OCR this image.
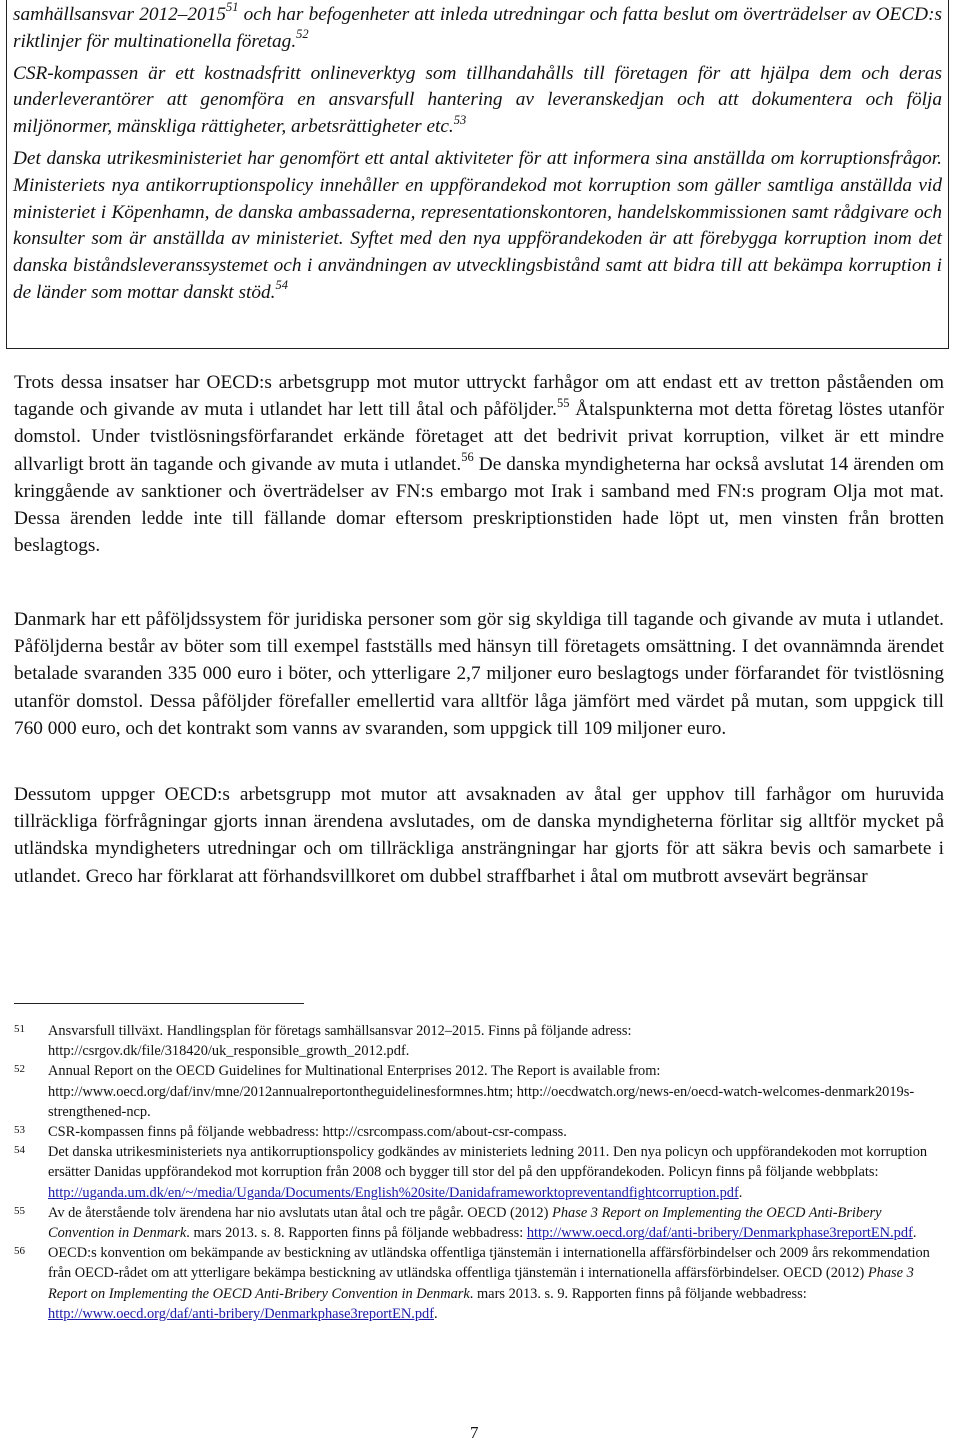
samhällsansvar 2012–2015$^{51}$ och har befogenheter att inleda utredningar och fatta beslut om överträdelser av OECD:s riktlinjer för multinationella företag.$^{52}$

CSR-kompassen är ett kostnadsfritt onlineverktyg som tillhandahålls till företagen för att hjälpa dem och deras underleverantörer att genomföra en ansvarsfull hantering av leveranskedjan och att dokumentera och följa miljönormer, mänskliga rättigheter, arbetsrättigheter etc.$^{53}$

Det danska utrikesministeriet har genomfört ett antal aktiviteter för att informera sina anställda om korruptionsfrågor. Ministeriets nya antikorruptionspolicy innehåller en uppförandekod mot korruption som gäller samtliga anställda vid ministeriet i Köpenhamn, de danska ambassaderna, representationskontoren, handelskommissionen samt rådgivare och konsulter som är anställda av ministeriet. Syftet med den nya uppförandekoden är att förebygga korruption inom det danska biståndsleveranssystemet och i användningen av utvecklingsbistånd samt att bidra till att bekämpa korruption i de länder som mottar danskt stöd.$^{54}$

Trots dessa insatser har OECD:s arbetsgrupp mot mutor uttryckt farhågor om att endast ett av tretton påståenden om tagande och givande av muta i utlandet har lett till åtal och påföljder.$^{55}$ Åtalspunkterna mot detta företag löstes utanför domstol. Under tvistlösningsförfarandet erkände företaget att det bedrivit privat korruption, vilket är ett mindre allvarligt brott än tagande och givande av muta i utlandet.$^{56}$ De danska myndigheterna har också avslutat 14 ärenden om kringgående av sanktioner och överträdelser av FN:s embargo mot Irak i samband med FN:s program Olja mot mat. Dessa ärenden ledde inte till fällande domar eftersom preskriptionstiden hade löpt ut, men vinsten från brotten beslagtogs.

Danmark har ett påföljdssystem för juridiska personer som gör sig skyldiga till tagande och givande av muta i utlandet. Påföljderna består av böter som till exempel fastställs med hänsyn till företagets omsättning. I det ovannämnda ärendet betalade svaranden 335 000 euro i böter, och ytterligare 2,7 miljoner euro beslagtogs under förfarandet för tvistlösning utanför domstol. Dessa påföljder förefaller emellertid vara alltför låga jämfört med värdet på mutan, som uppgick till 760 000 euro, och det kontrakt som vanns av svaranden, som uppgick till 109 miljoner euro.

Dessutom uppger OECD:s arbetsgrupp mot mutor att avsaknaden av åtal ger upphov till farhågor om huruvida tillräckliga förfrågningar gjorts innan ärendena avslutades, om de danska myndigheterna förlitar sig alltför mycket på utländska myndigheters utredningar och om tillräckliga ansträngningar har gjorts för att säkra bevis och samarbete i utlandet. Greco har förklarat att förhandsvillkoret om dubbel straffbarhet i åtal om mutbrott avsevärt begränsar

51 Ansvarsfull tillväxt. Handlingsplan för företags samhällsansvar 2012–2015. Finns på följande adress: http://csrgov.dk/file/318420/uk_responsible_growth_2012.pdf.
52 Annual Report on the OECD Guidelines for Multinational Enterprises 2012. The Report is available from: http://www.oecd.org/daf/inv/mne/2012annualreportontheguidelinesformnes.htm; http://oecdwatch.org/news-en/oecd-watch-welcomes-denmark2019s-strengthened-ncp.
53 CSR-kompassen finns på följande webbadress: http://csrcompass.com/about-csr-compass.
54 Det danska utrikesministeriets nya antikorruptionspolicy godkändes av ministeriets ledning 2011. Den nya policyn och uppförandekoden mot korruption ersätter Danidas uppförandekod mot korruption från 2008 och bygger till stor del på den uppförandekoden. Policyn finns på följande webbplats: http://uganda.um.dk/en/~/media/Uganda/Documents/English%20site/Danidaframeworktopreventandfightcorruption.pdf.
55 Av de återstående tolv ärendena har nio avslutats utan åtal och tre pågår. OECD (2012) Phase 3 Report on Implementing the OECD Anti-Bribery Convention in Denmark. mars 2013. s. 8. Rapporten finns på följande webbadress: http://www.oecd.org/daf/anti-bribery/Denmarkphase3reportEN.pdf.
56 OECD:s konvention om bekämpande av bestickning av utländska offentliga tjänstemän i internationella affärsförbindelser och 2009 års rekommendation från OECD-rådet om att ytterligare bekämpa bestickning av utländska offentliga tjänstemän i internationella affärsförbindelser. OECD (2012) Phase 3 Report on Implementing the OECD Anti-Bribery Convention in Denmark. mars 2013. s. 9. Rapporten finns på följande webbadress: http://www.oecd.org/daf/anti-bribery/Denmarkphase3reportEN.pdf.
7
